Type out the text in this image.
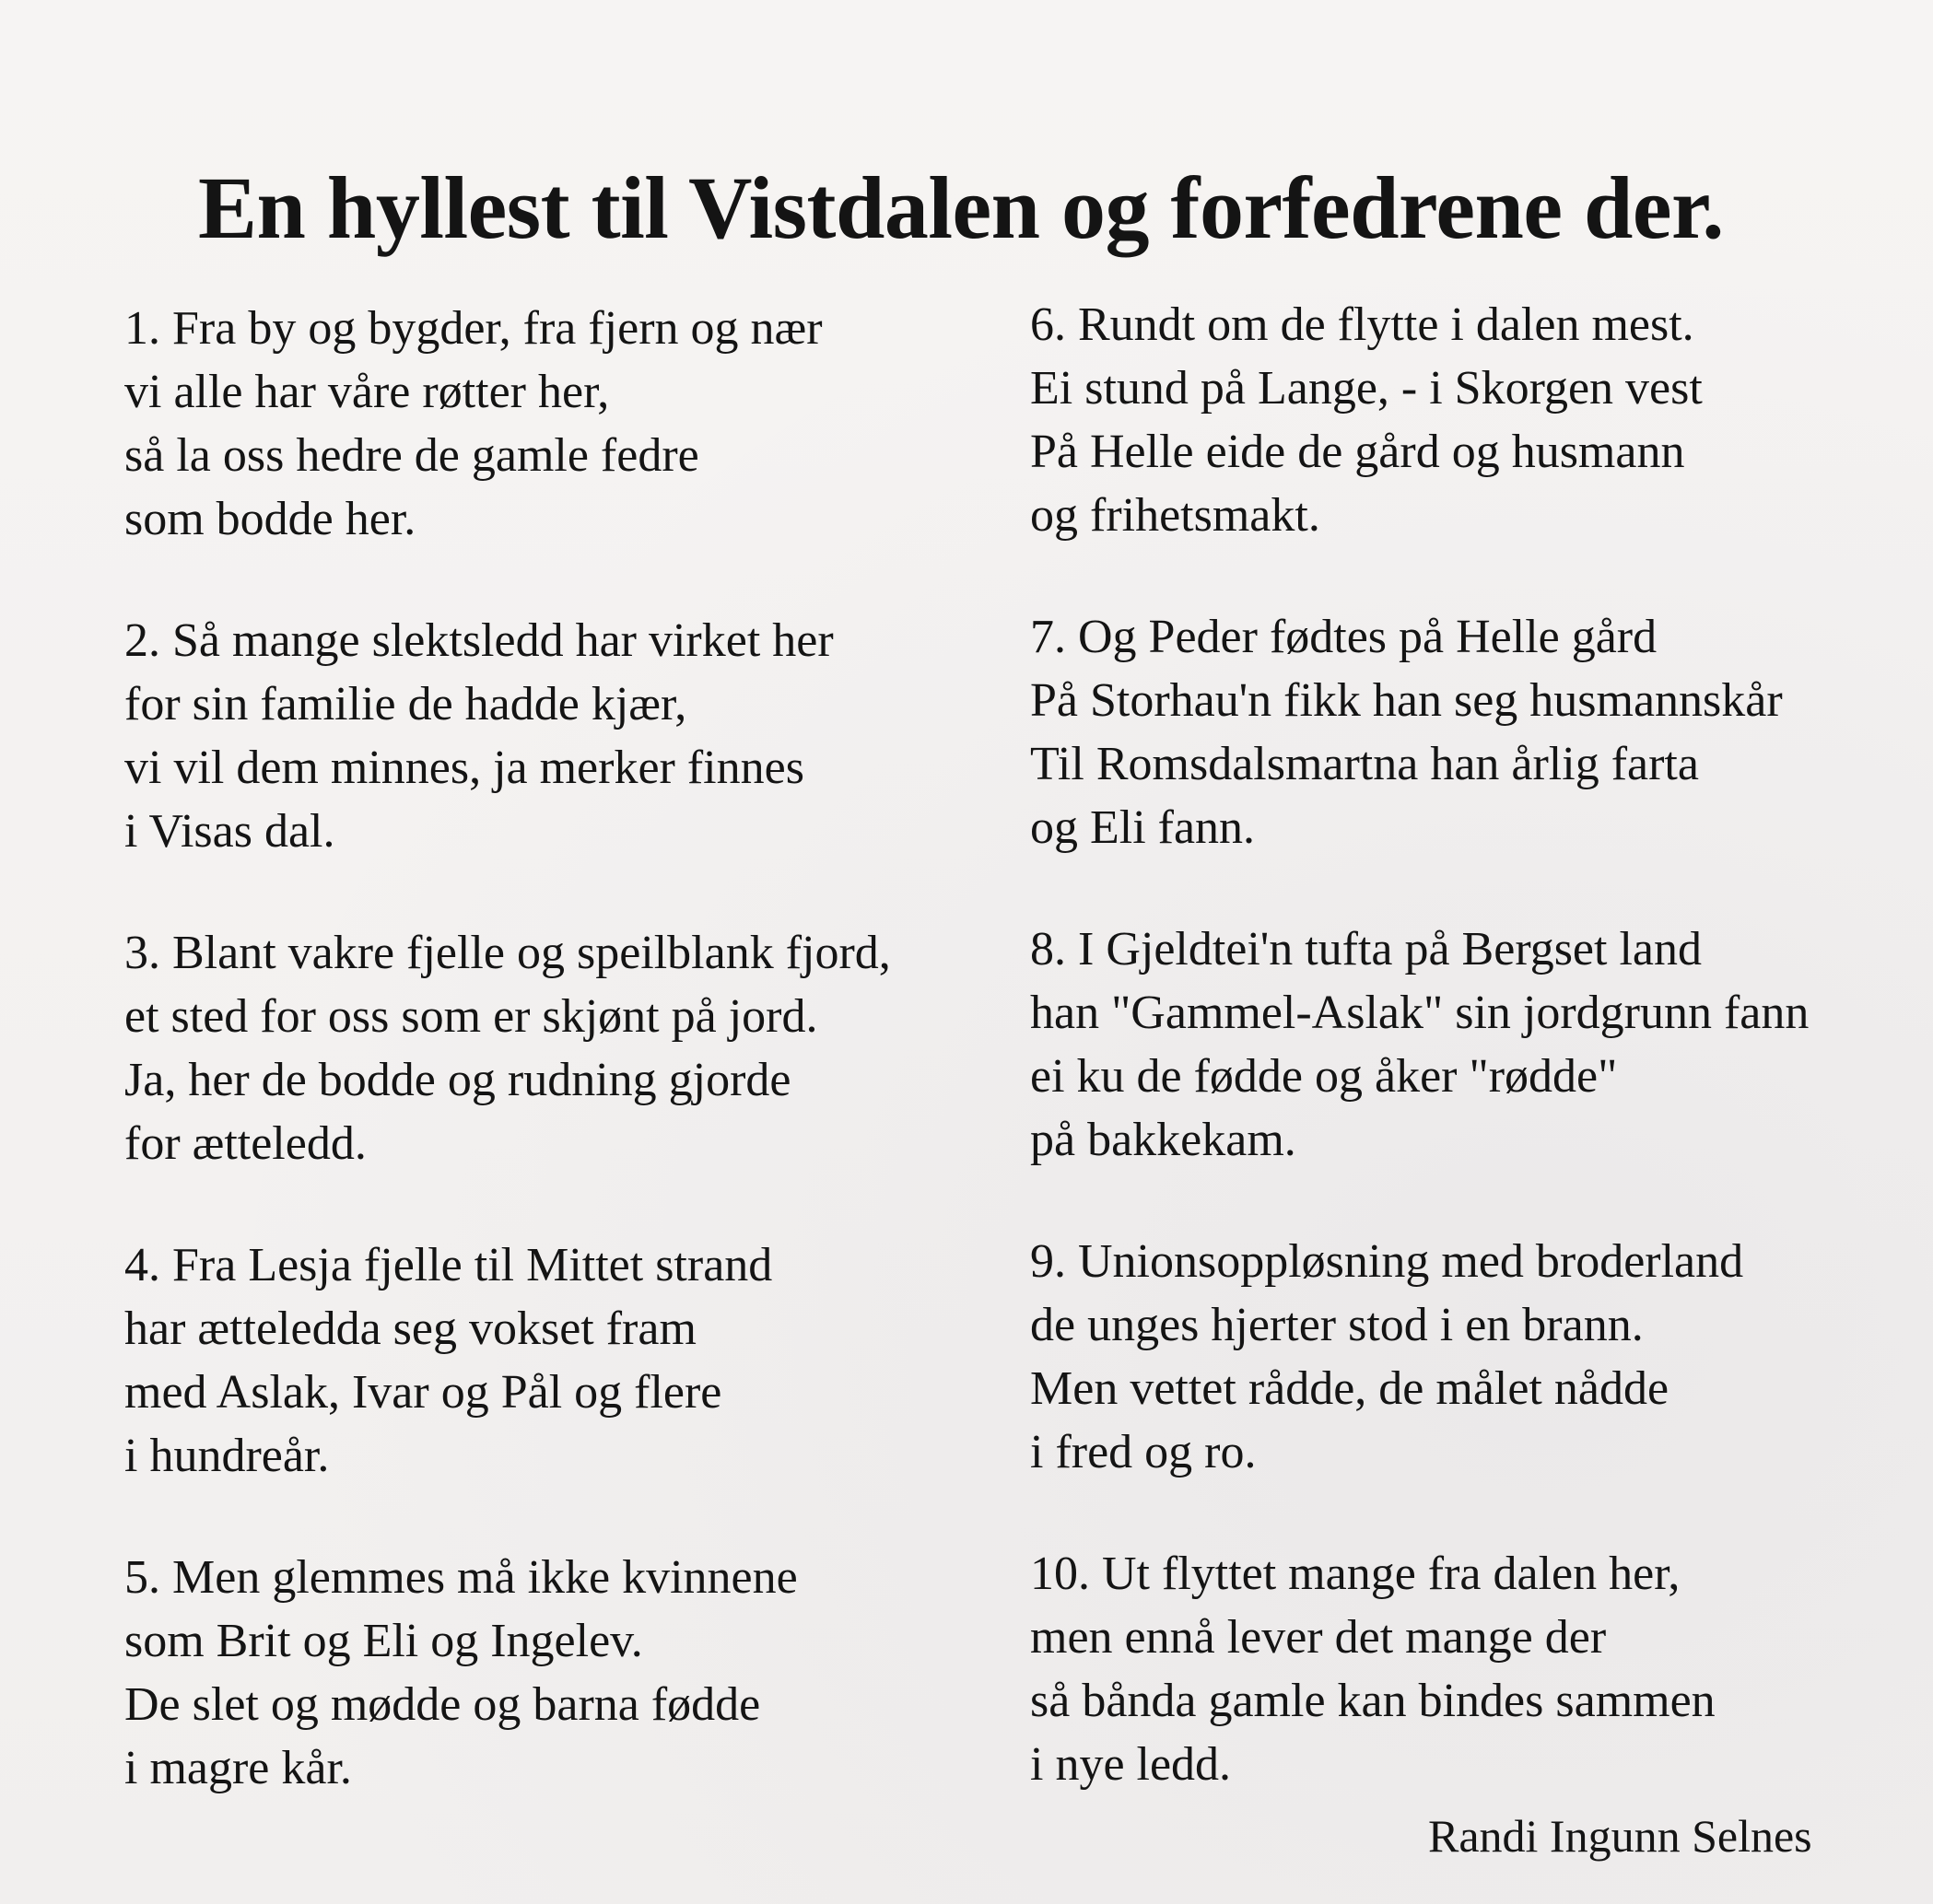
En hyllest til Vistdalen og forfedrene der.

1. Fra by og bygder, fra fjern og nær
vi alle har våre røtter her,
så la oss hedre de gamle fedre
som bodde her.

2. Så mange slektsledd har virket her
for sin familie de hadde kjær,
vi vil dem minnes, ja merker finnes
i Visas dal.

3. Blant vakre fjelle og speilblank fjord,
et sted for oss som er skjønt på jord.
Ja, her de bodde og rudning gjorde
for ætteledd.

4. Fra Lesja fjelle til Mittet strand
har ætteledda seg vokset fram
med Aslak, Ivar og Pål og flere
i hundreår.

5. Men glemmes må ikke kvinnene
som Brit og Eli og Ingelev.
De slet og mødde og barna fødde
i magre kår.

6. Rundt om de flytte i dalen mest.
Ei stund på Lange, - i Skorgen vest
På Helle eide de gård og husmann
og frihetsmakt.

7. Og Peder fødtes på Helle gård
På Storhau'n fikk han seg husmannskår
Til Romsdalsmartna han årlig farta
og Eli fann.

8. I Gjeldtei'n tufta på Bergset land
han "Gammel-Aslak" sin jordgrunn fann
ei ku de fødde og åker "rødde"
på bakkekam.

9. Unionsoppløsning med broderland
de unges hjerter stod i en brann.
Men vettet rådde, de målet nådde
i fred og ro.

10. Ut flyttet mange fra dalen her,
men ennå lever det mange der
så bånda gamle kan bindes sammen
i nye ledd.

Randi Ingunn Selnes
